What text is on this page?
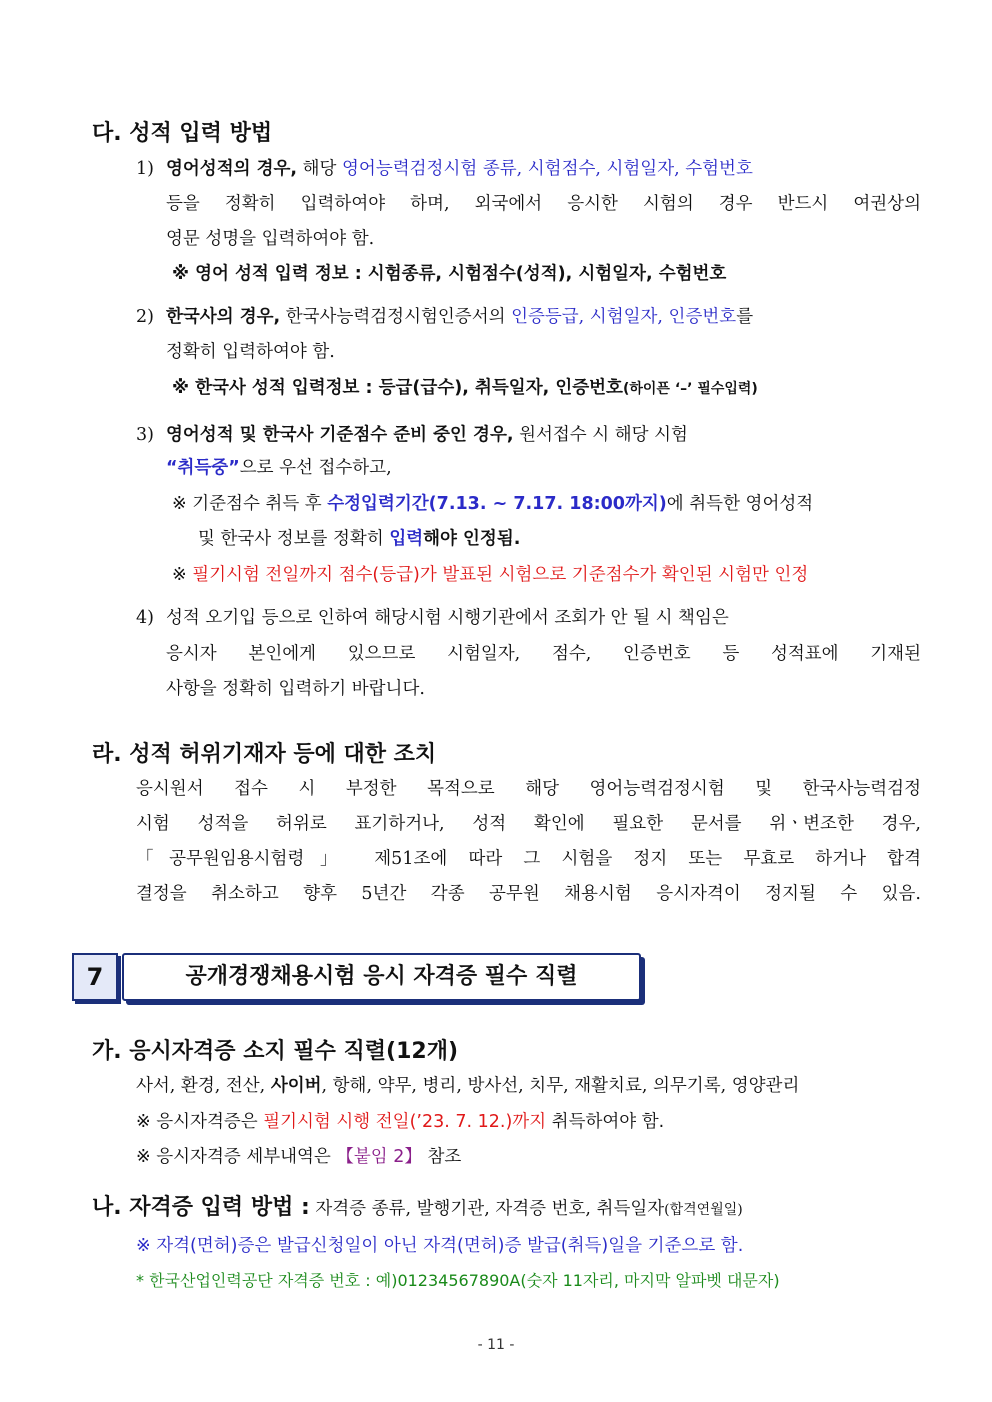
다. 성적 입력 방법
1) 영어성적의 경우, 해당 영어능력검정시험 종류, 시험점수, 시험일자, 수험번호
등을 정확히 입력하여야 하며, 외국에서 응시한 시험의 경우 반드시 여권상의
영문 성명을 입력하여야 함.
※ 영어 성적 입력 정보 : 시험종류, 시험점수(성적), 시험일자, 수험번호
2) 한국사의 경우, 한국사능력검정시험인증서의 인증등급, 시험일자, 인증번호를
정확히 입력하여야 함.
※ 한국사 성적 입력정보 : 등급(급수), 취득일자, 인증번호(하이픈 ‘–’ 필수입력)
3) 영어성적 및 한국사 기준점수 준비 중인 경우, 원서접수 시 해당 시험
“취득중”으로 우선 접수하고,
※ 기준점수 취득 후 수정입력기간(7.13. ~ 7.17. 18:00까지)에 취득한 영어성적
및 한국사 정보를 정확히 입력해야 인정됨.
※ 필기시험 전일까지 점수(등급)가 발표된 시험으로 기준점수가 확인된 시험만 인정
4) 성적 오기입 등으로 인하여 해당시험 시행기관에서 조회가 안 될 시 책임은
응시자 본인에게 있으므로 시험일자, 점수, 인증번호 등 성적표에 기재된
사항을 정확히 입력하기 바랍니다.
라. 성적 허위기재자 등에 대한 조치
응시원서 접수 시 부정한 목적으로 해당 영어능력검정시험 및 한국사능력검정
시험 성적을 허위로 표기하거나, 성적 확인에 필요한 문서를 위ㆍ변조한 경우,
「공무원임용시험령」 제51조에 따라 그 시험을 정지 또는 무효로 하거나 합격
결정을 취소하고 향후 5년간 각종 공무원 채용시험 응시자격이 정지될 수 있음.
7	공개경쟁채용시험 응시 자격증 필수 직렬
가. 응시자격증 소지 필수 직렬(12개)
사서, 환경, 전산, 사이버, 항해, 약무, 병리, 방사선, 치무, 재활치료, 의무기록, 영양관리
※ 응시자격증은 필기시험 시행 전일(’23. 7. 12.)까지 취득하여야 함.
※ 응시자격증 세부내역은 【붙임 2】 참조
나. 자격증 입력 방법 : 자격증 종류, 발행기관, 자격증 번호, 취득일자(합격연월일)
※ 자격(면허)증은 발급신청일이 아닌 자격(면허)증 발급(취득)일을 기준으로 함.
* 한국산업인력공단 자격증 번호 : 예)01234567890A(숫자 11자리, 마지막 알파벳 대문자)
- 11 -
